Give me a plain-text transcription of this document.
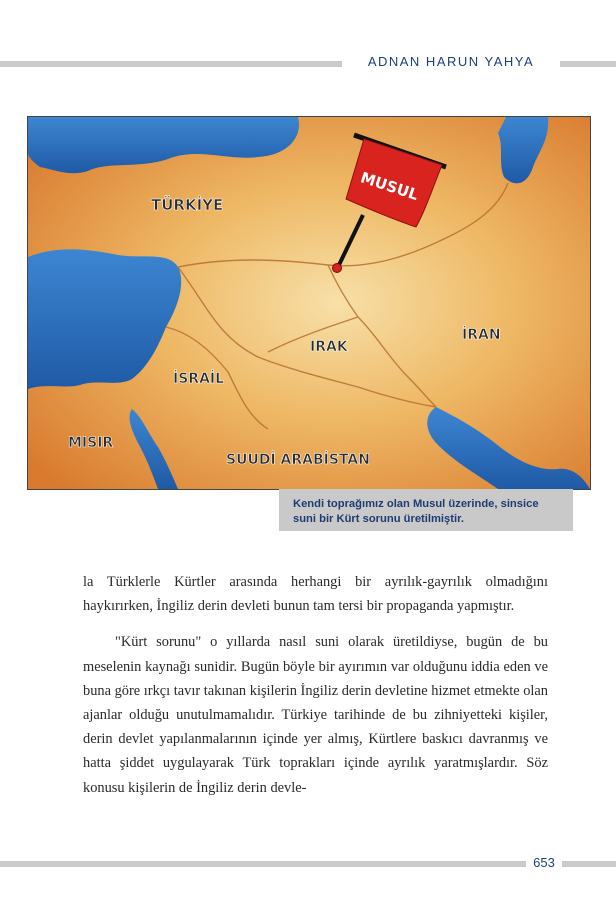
ADNAN HARUN YAHYA
TÜRKİYE
IRAK
İRAN
İSRAİL
MISIR
SUUDİ ARABİSTAN
MUSUL

Kendi toprağımız olan Musul üzerinde, sinsice suni bir Kürt sorunu üretilmiştir.

la Türklerle Kürtler arasında herhangi bir ayrılık-gayrılık olmadığını haykırırken, İngiliz derin devleti bunun tam tersi bir propaganda yapmıştır.

"Kürt sorunu" o yıllarda nasıl suni olarak üretildiyse, bugün de bu meselenin kaynağı sunidir. Bugün böyle bir ayırımın var olduğunu iddia eden ve buna göre ırkçı tavır takınan kişilerin İngiliz derin devletine hizmet etmekte olan ajanlar olduğu unutulmamalıdır. Türkiye tarihinde de bu zihniyetteki kişiler, derin devlet yapılanmalarının içinde yer almış, Kürtlere baskıcı davranmış ve hatta şiddet uygulayarak Türk toprakları içinde ayrılık yaratmışlardır. Söz konusu kişilerin de İngiliz derin devle-

653
